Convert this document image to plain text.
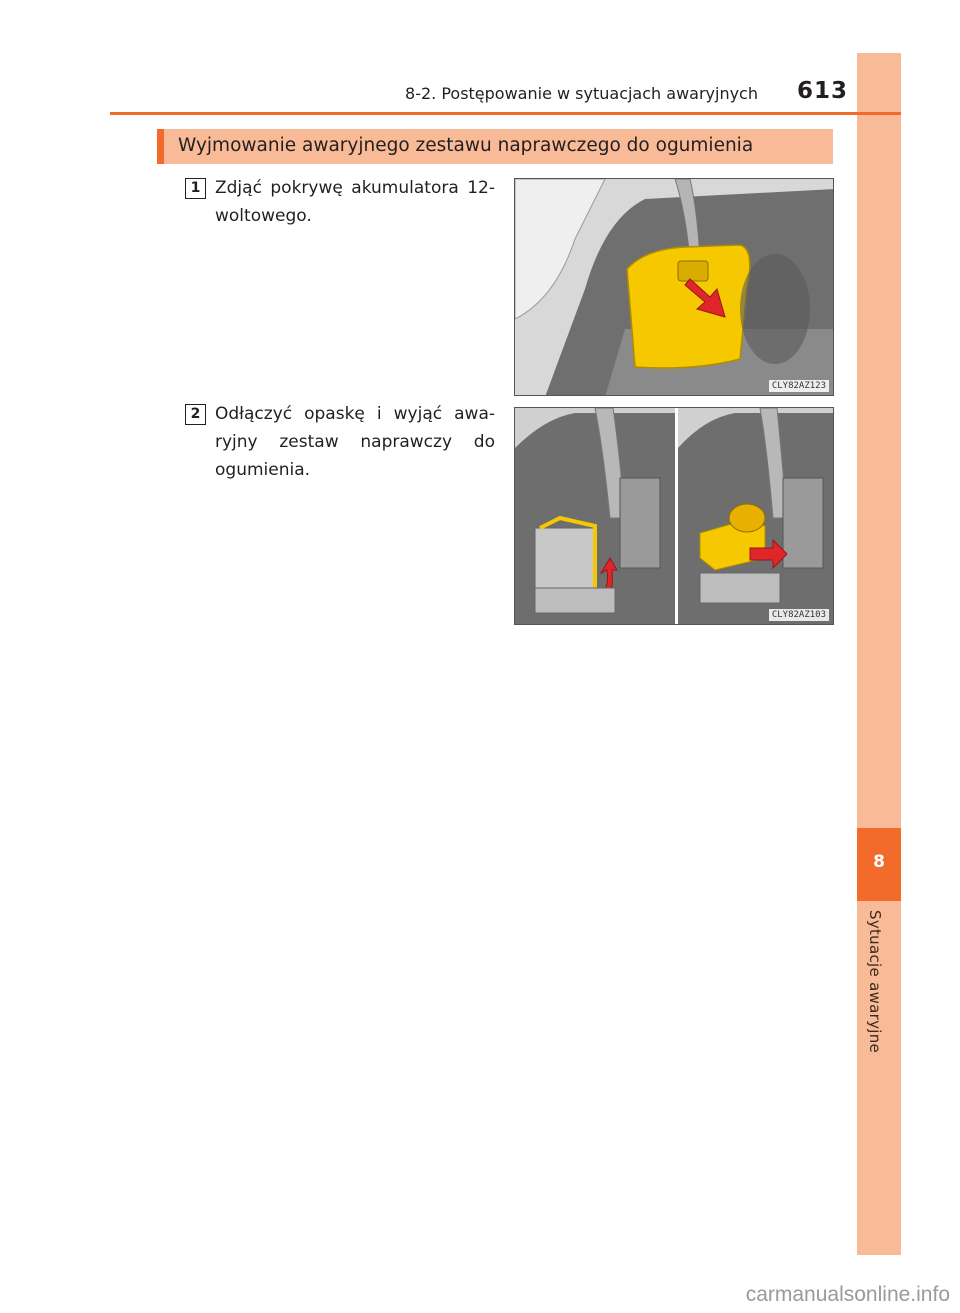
8
Sytuacje awaryjne
8-2. Postępowanie w sytuacjach awaryjnych 613
Wyjmowanie awaryjnego zestawu naprawczego do ogumienia
1 Zdjąć pokrywę akumulatora 12-woltowego.
CLY82AZ123
2 Odłączyć opaskę i wyjąć awa-ryjny zestaw naprawczy do ogumienia.
CLY82AZ103
carmanualsonline.info
